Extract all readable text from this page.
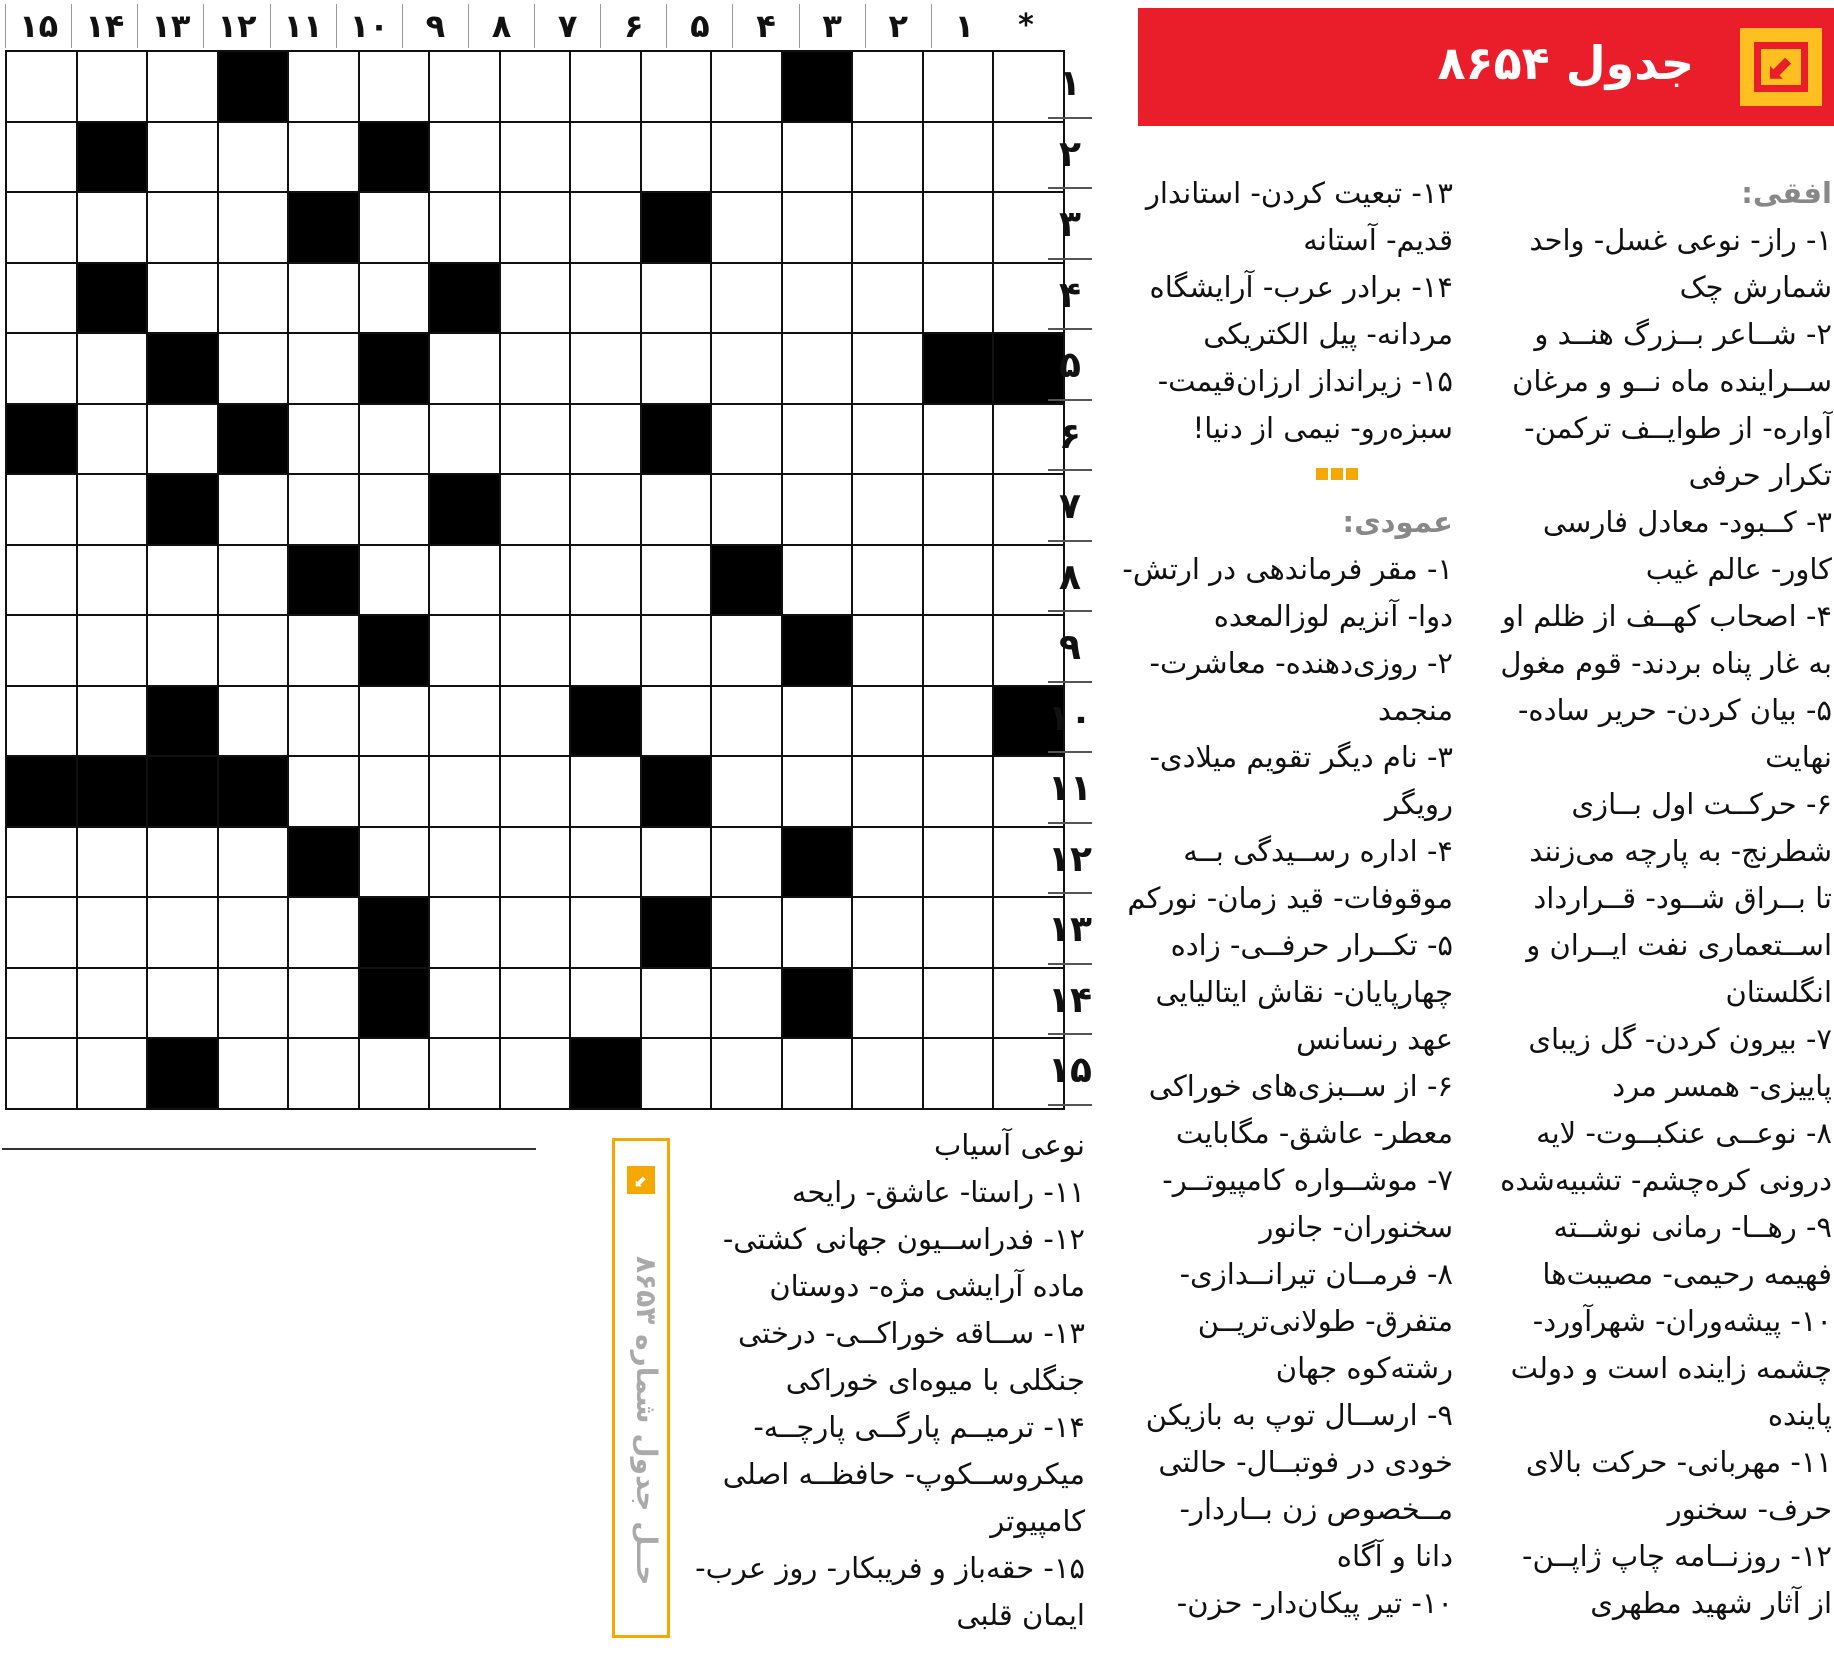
*
۱
۲
۳
۴
۵
۶
۷
۸
۹
۱۰
۱۱
۱۲
۱۳
۱۴
۱۵
۱
۲
۳
۴
۵
۶
۷
۸
۹
۱۰
۱۱
۱۲
۱۳
۱۴
۱۵
جدول ۸۶۵۴	⬋
افقی:
۱- راز- نوعی غسل- واحد
شمارش چک
۲- شــاعر بــزرگ هنــد و
ســراینده ماه نــو و مرغان
آواره- از طوایــف ترکمن-
تکرار حرفی
۳- کــبود- معادل فارسی
کاور- عالم غیب
۴- اصحاب کهــف از ظلم او
به غار پناه بردند- قوم مغول
۵- بیان کردن- حریر ساده-
نهایت
۶- حرکــت اول بــازی
شطرنج- به پارچه می‌زنند
تا بــراق شــود- قــرارداد
اســتعماری نفت ایــران و
انگلستان
۷- بیرون کردن- گل زیبای
پاییزی- همسر مرد
۸- نوعــی عنکبــوت- لایه
درونی کره‌چشم- تشبیه‌شده
۹- رهــا- رمانی نوشــته
فهیمه رحیمی- مصیبت‌ها
۱۰- پیشه‌وران- شهرآورد-
چشمه زاینده است و دولت
پاینده
۱۱- مهربانی- حرکت بالای
حرف- سخنور
۱۲- روزنــامه چاپ ژاپــن-
از آثار شهید مطهری
۱۳- تبعیت کردن- استاندار
قدیم- آستانه
۱۴- برادر عرب- آرایشگاه
مردانه- پیل الکتریکی
۱۵- زیرانداز ارزان‌قیمت-
سبزه‌رو- نیمی از دنیا!
عمودی:
۱- مقر فرماندهی در ارتش-
دوا- آنزیم لوزالمعده
۲- روزی‌دهنده- معاشرت-
منجمد
۳- نام دیگر تقویم میلادی-
رویگر
۴- اداره رســیدگی بــه
موقوفات- قید زمان- نورکم
۵- تکــرار حرفــی- زاده
چهارپایان- نقاش ایتالیایی
عهد رنسانس
۶- از ســبزی‌های خوراکی
معطر- عاشق- مگابایت
۷- موشــواره کامپیوتــر-
سخنوران- جانور
۸- فرمــان تیرانــدازی-
متفرق- طولانی‌تریــن
رشته‌کوه جهان
۹- ارســال توپ به بازیکن
خودی در فوتبــال- حالتی
مــخصوص زن بــاردار-
دانا و آگاه
۱۰- تیر پیکان‌دار- حزن-
نوعی آسیاب
۱۱- راستا- عاشق- رایحه
۱۲- فدراســیون جهانی کشتی-
ماده آرایشی مژه- دوستان
۱۳- ســاقه خوراکــی- درختی
جنگلی با میوه‌ای خوراکی
۱۴- ترمیــم پارگــی پارچــه-
میکروســکوپ- حافظــه اصلی
کامپیوتر
۱۵- حقه‌باز و فریبکار- روز عرب-
ایمان قلبی
⬋
حــل جدول شماره ۸۶۵۳
